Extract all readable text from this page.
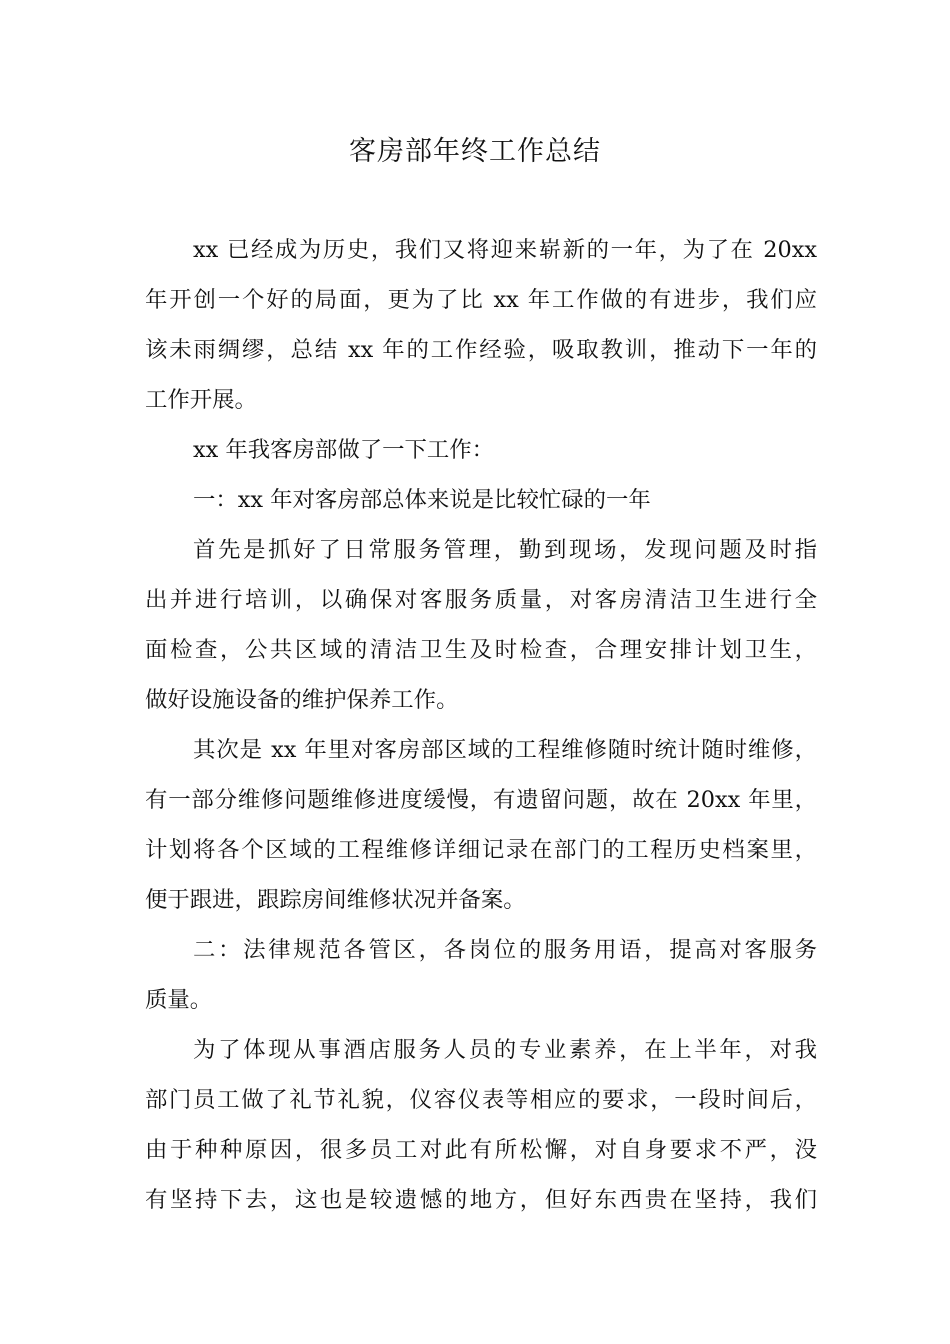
客房部年终工作总结

xx 已经成为历史，我们又将迎来崭新的一年，为了在 20xx
年开创一个好的局面，更为了比 xx 年工作做的有进步，我们应
该未雨绸缪，总结 xx 年的工作经验，吸取教训，推动下一年的
工作开展。

xx 年我客房部做了一下工作：

一：xx 年对客房部总体来说是比较忙碌的一年

首先是抓好了日常服务管理，勤到现场，发现问题及时指
出并进行培训，以确保对客服务质量，对客房清洁卫生进行全
面检查，公共区域的清洁卫生及时检查，合理安排计划卫生，
做好设施设备的维护保养工作。

其次是 xx 年里对客房部区域的工程维修随时统计随时维修，
有一部分维修问题维修进度缓慢，有遗留问题，故在 20xx 年里，
计划将各个区域的工程维修详细记录在部门的工程历史档案里，
便于跟进，跟踪房间维修状况并备案。

二：法律规范各管区，各岗位的服务用语，提高对客服务
质量。

为了体现从事酒店服务人员的专业素养，在上半年，对我
部门员工做了礼节礼貌，仪容仪表等相应的要求，一段时间后，
由于种种原因，很多员工对此有所松懈，对自身要求不严，没
有坚持下去，这也是较遗憾的地方，但好东西贵在坚持，我们
